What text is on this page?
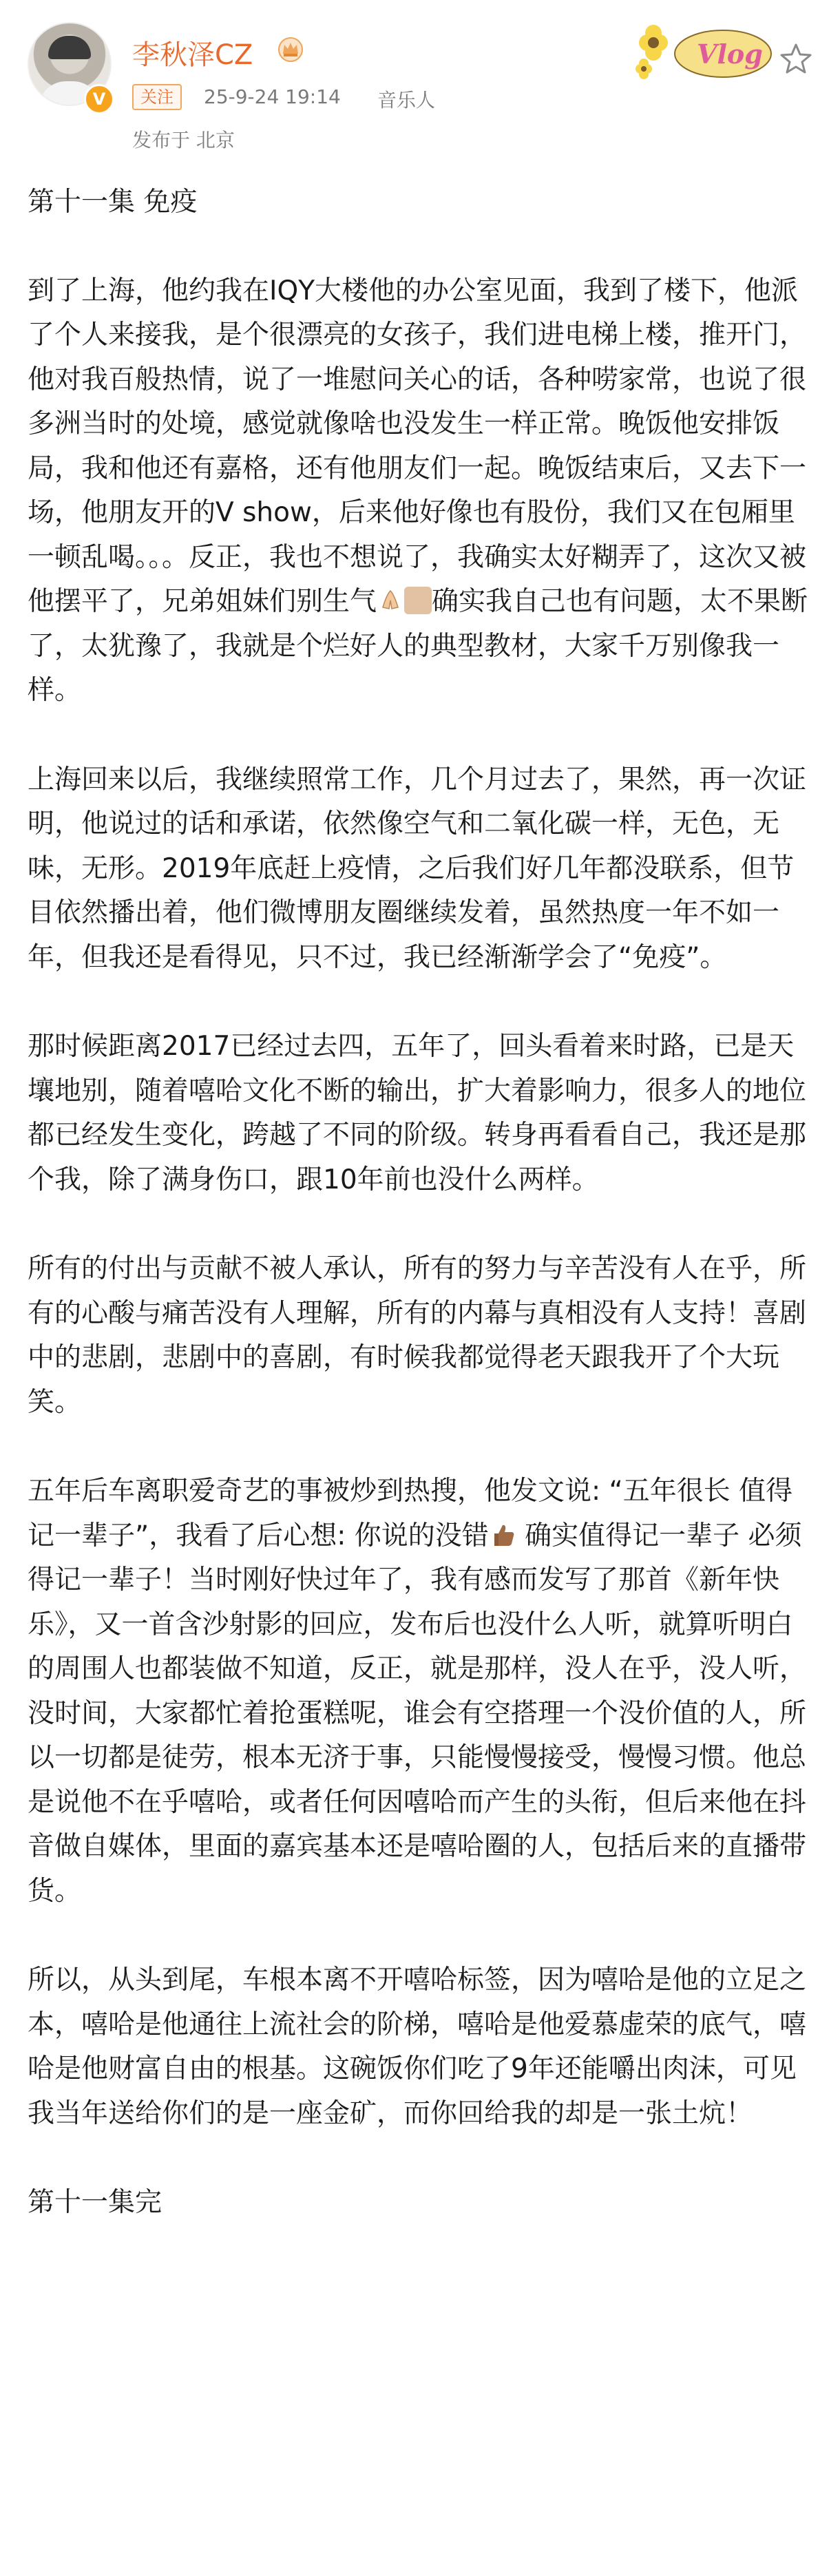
V
李秋泽CZ
关注	25-9-24 19:14 音乐人
发布于 北京
Vlog

第十一集 免疫

到了上海，他约我在IQY大楼他的办公室见面，我到了楼下，他派了个人来接我，是个很漂亮的女孩子，我们进电梯上楼，推开门，他对我百般热情，说了一堆慰问关心的话，各种唠家常，也说了很多洲当时的处境，感觉就像啥也没发生一样正常。晚饭他安排饭局，我和他还有嘉格，还有他朋友们一起。晚饭结束后，又去下一场，他朋友开的V show，后来他好像也有股份，我们又在包厢里一顿乱喝。。。反正，我也不想说了，我确实太好糊弄了，这次又被他摆平了，兄弟姐妹们别生气 确实我自己也有问题，太不果断了，太犹豫了，我就是个烂好人的典型教材，大家千万别像我一样。

上海回来以后，我继续照常工作，几个月过去了，果然，再一次证明，他说过的话和承诺，依然像空气和二氧化碳一样，无色，无味，无形。2019年底赶上疫情，之后我们好几年都没联系，但节目依然播出着，他们微博朋友圈继续发着，虽然热度一年不如一年，但我还是看得见，只不过，我已经渐渐学会了“免疫”。

那时候距离2017已经过去四，五年了，回头看着来时路，已是天壤地别，随着嘻哈文化不断的输出，扩大着影响力，很多人的地位都已经发生变化，跨越了不同的阶级。转身再看看自己，我还是那个我，除了满身伤口，跟10年前也没什么两样。

所有的付出与贡献不被人承认，所有的努力与辛苦没有人在乎，所有的心酸与痛苦没有人理解，所有的内幕与真相没有人支持！喜剧中的悲剧，悲剧中的喜剧，有时候我都觉得老天跟我开了个大玩笑。

五年后车离职爱奇艺的事被炒到热搜，他发文说: “五年很长 值得记一辈子”，我看了后心想: 你说的没错 确实值得记一辈子 必须得记一辈子！当时刚好快过年了，我有感而发写了那首《新年快乐》，又一首含沙射影的回应，发布后也没什么人听，就算听明白的周围人也都装做不知道，反正，就是那样，没人在乎，没人听，没时间，大家都忙着抢蛋糕呢，谁会有空搭理一个没价值的人，所以一切都是徒劳，根本无济于事，只能慢慢接受，慢慢习惯。他总是说他不在乎嘻哈，或者任何因嘻哈而产生的头衔，但后来他在抖音做自媒体，里面的嘉宾基本还是嘻哈圈的人，包括后来的直播带货。

所以，从头到尾，车根本离不开嘻哈标签，因为嘻哈是他的立足之本，嘻哈是他通往上流社会的阶梯，嘻哈是他爱慕虚荣的底气，嘻哈是他财富自由的根基。这碗饭你们吃了9年还能嚼出肉沫，可见我当年送给你们的是一座金矿，而你回给我的却是一张土炕！

第十一集完
